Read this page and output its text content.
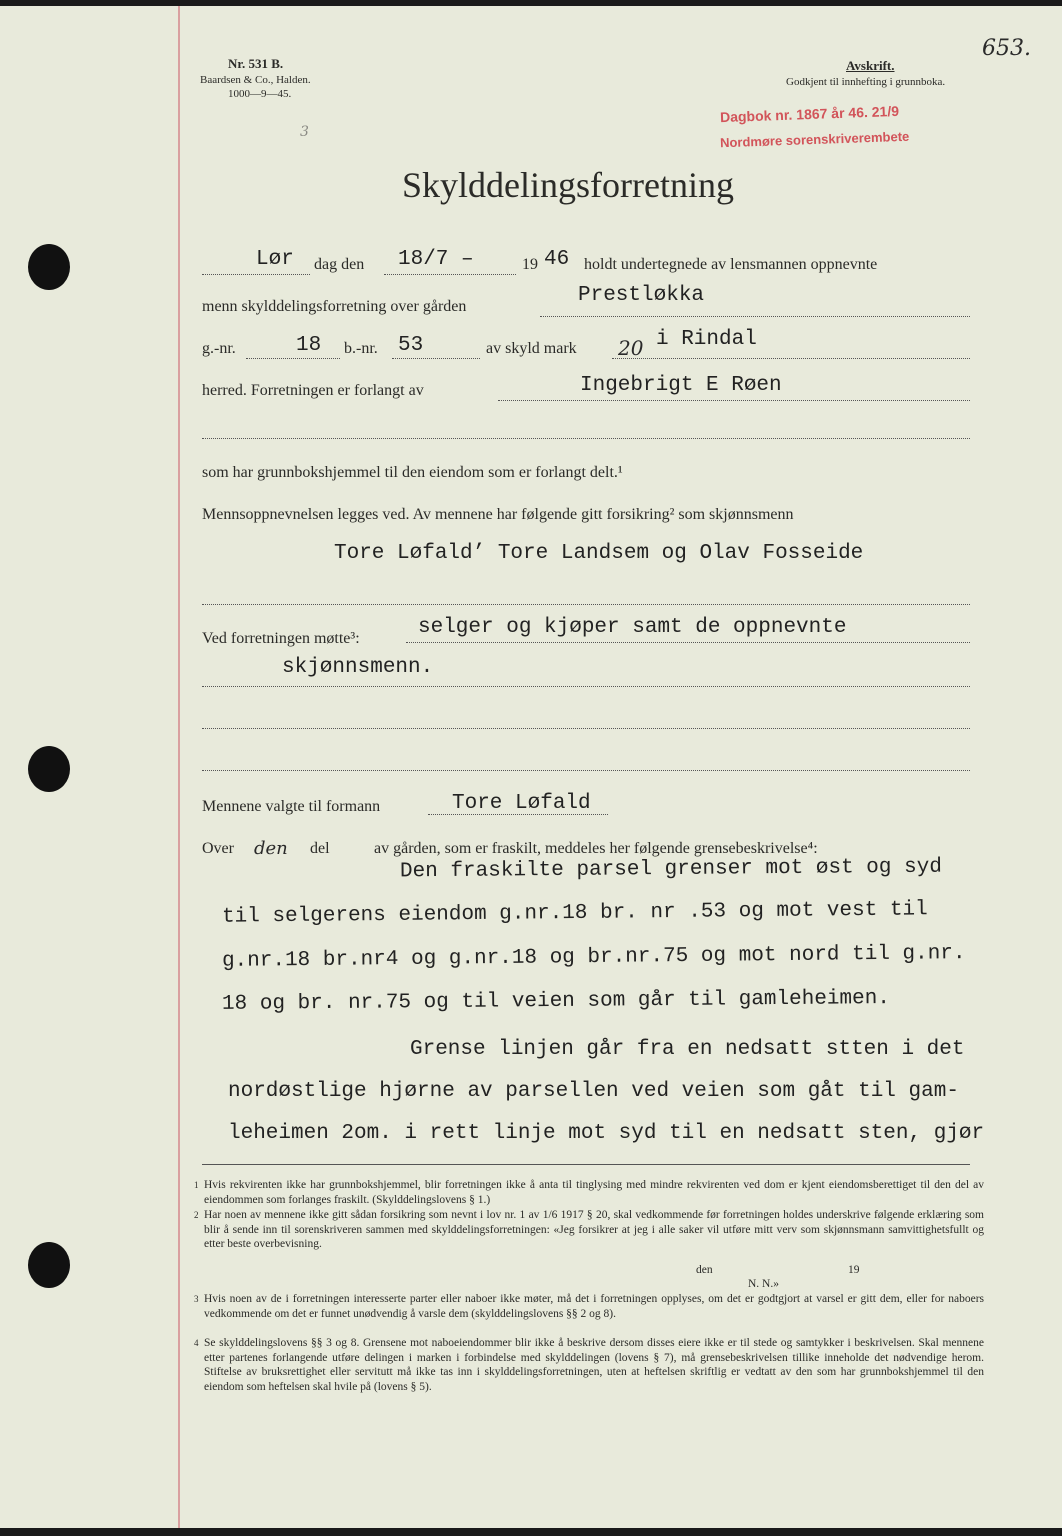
Nr. 531 B.
Baardsen & Co., Halden.
1000—9—45.
3
Avskrift.
Godkjent til innhefting i grunnboka.
653.
Dagbok nr. 1867 år 46. 21/9
Nordmøre sorenskriverembete
Skylddelingsforretning
Lør dag den 18/7 –	19 46 holdt undertegnede av lensmannen oppnevnte
menn skylddelingsforretning over gården	Prestløkka
g.-nr.	18 b.-nr. 53	av skyld mark 20 i Rindal
herred. Forretningen er forlangt av	Ingebrigt E Røen
som har grunnbokshjemmel til den eiendom som er forlangt delt.¹
Mennsoppnevnelsen legges ved. Av mennene har følgende gitt forsikring² som skjønnsmenn
Tore Løfald’ Tore Landsem og Olav Fosseide
Ved forretningen møtte³:	selger og kjøper samt de oppnevnte
skjønnsmenn.
Mennene valgte til formann	Tore Løfald
Over den del	av gården, som er fraskilt, meddeles her følgende grensebeskrivelse⁴:
Den fraskilte parsel grenser mot øst og syd
til selgerens eiendom g.nr.18 br. nr .53 og mot vest til
g.nr.18 br.nr4 og g.nr.18 og br.nr.75 og mot nord til g.nr.
18 og br. nr.75 og til veien som går til gamleheimen.
Grense linjen går fra en nedsatt stten i det
nordøstlige hjørne av parsellen ved veien som gåt til gam-
leheimen 2om. i rett linje mot syd til en nedsatt sten, gjør
1 Hvis rekvirenten ikke har grunnbokshjemmel, blir forretningen ikke å anta til tinglysing med mindre rekvirenten ved dom er kjent eiendomsberettiget til den del av eiendommen som forlanges fraskilt. (Skylddelingslovens § 1.)

2 Har noen av mennene ikke gitt sådan forsikring som nevnt i lov nr. 1 av 1/6 1917 § 20, skal vedkommende før forretningen holdes underskrive følgende erklæring som blir å sende inn til sorenskriveren sammen med skylddelingsforretningen: «Jeg forsikrer at jeg i alle saker vil utføre mitt verv som skjønnsmann samvittighetsfullt og etter beste overbevisning.

den	19
N. N.»
3 Hvis noen av de i forretningen interesserte parter eller naboer ikke møter, må det i forretningen opplyses, om det er godtgjort at varsel er gitt dem, eller for naboers vedkommende om det er funnet unødvendig å varsle dem (skylddelingslovens §§ 2 og 8).

4 Se skylddelingslovens §§ 3 og 8. Grensene mot naboeiendommer blir ikke å beskrive dersom disses eiere ikke er til stede og samtykker i beskrivelsen. Skal mennene etter partenes forlangende utføre delingen i marken i forbindelse med skylddelingen (lovens § 7), må grensebeskrivelsen tillike inneholde det nødvendige herom. Stiftelse av bruksrettighet eller servitutt må ikke tas inn i skylddelingsforretningen, uten at heftelsen skriftlig er vedtatt av den som har grunnbokshjemmel til den eiendom som heftelsen skal hvile på (lovens § 5).
